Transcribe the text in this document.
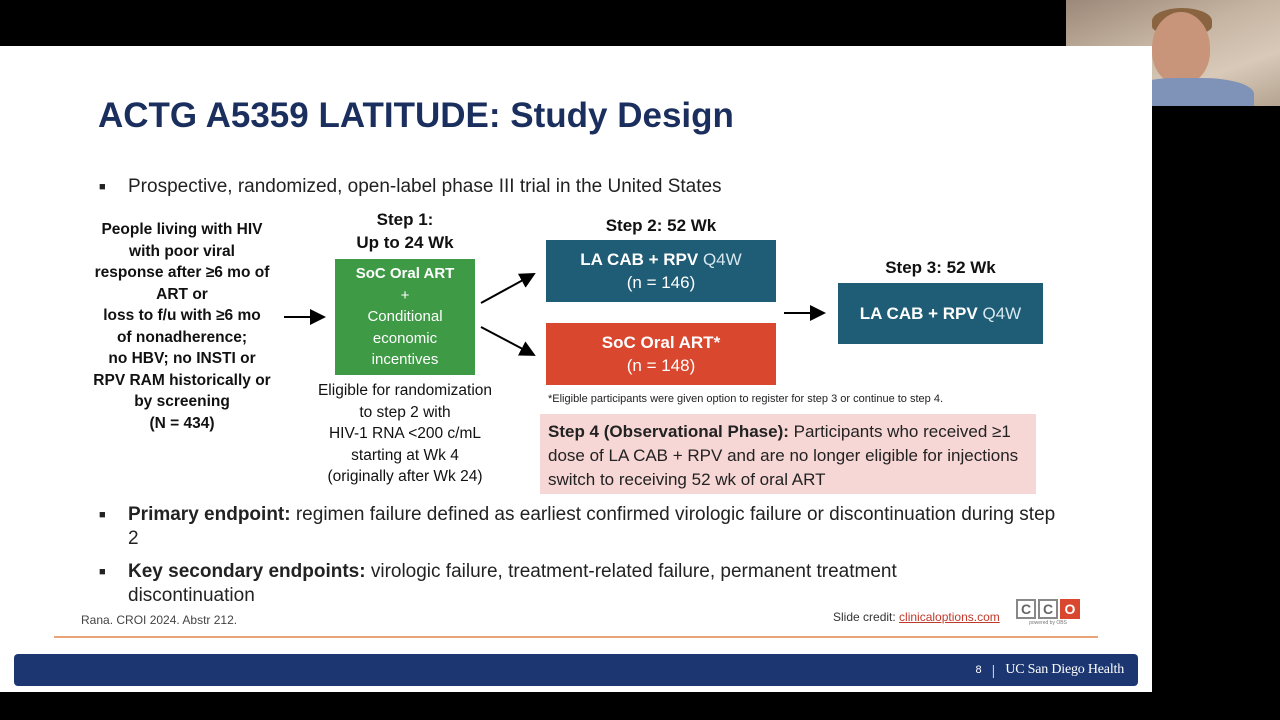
ACTG A5359 LATITUDE: Study Design
■ Prospective, randomized, open-label phase III trial in the United States
People living with HIV
with poor viral
response after ≥6 mo of
ART or
loss to f/u with ≥6 mo
of nonadherence;
no HBV; no INSTI or
RPV RAM historically or
by screening
(N = 434)
Step 1:
Up to 24 Wk
SoC Oral ART
+
Conditional
economic
incentives
Eligible for randomization
to step 2 with
HIV-1 RNA <200 c/mL
starting at Wk 4
(originally after Wk 24)
Step 2: 52 Wk
LA CAB + RPV Q4W
(n = 146)
SoC Oral ART*
(n = 148)
*Eligible participants were given option to register for step 3 or continue to step 4.
Step 3: 52 Wk
LA CAB + RPV Q4W
Step 4 (Observational Phase): Participants who received ≥1 dose of LA CAB + RPV and are no longer eligible for injections switch to receiving 52 wk of oral ART
■ Primary endpoint: regimen failure defined as earliest confirmed virologic failure or discontinuation during step 2
■ Key secondary endpoints: virologic failure, treatment-related failure, permanent treatment discontinuation
Rana. CROI 2024. Abstr 212.	Slide credit: clinicaloptions.com	C C O
powered by OBS
8 | UC San Diego Health
